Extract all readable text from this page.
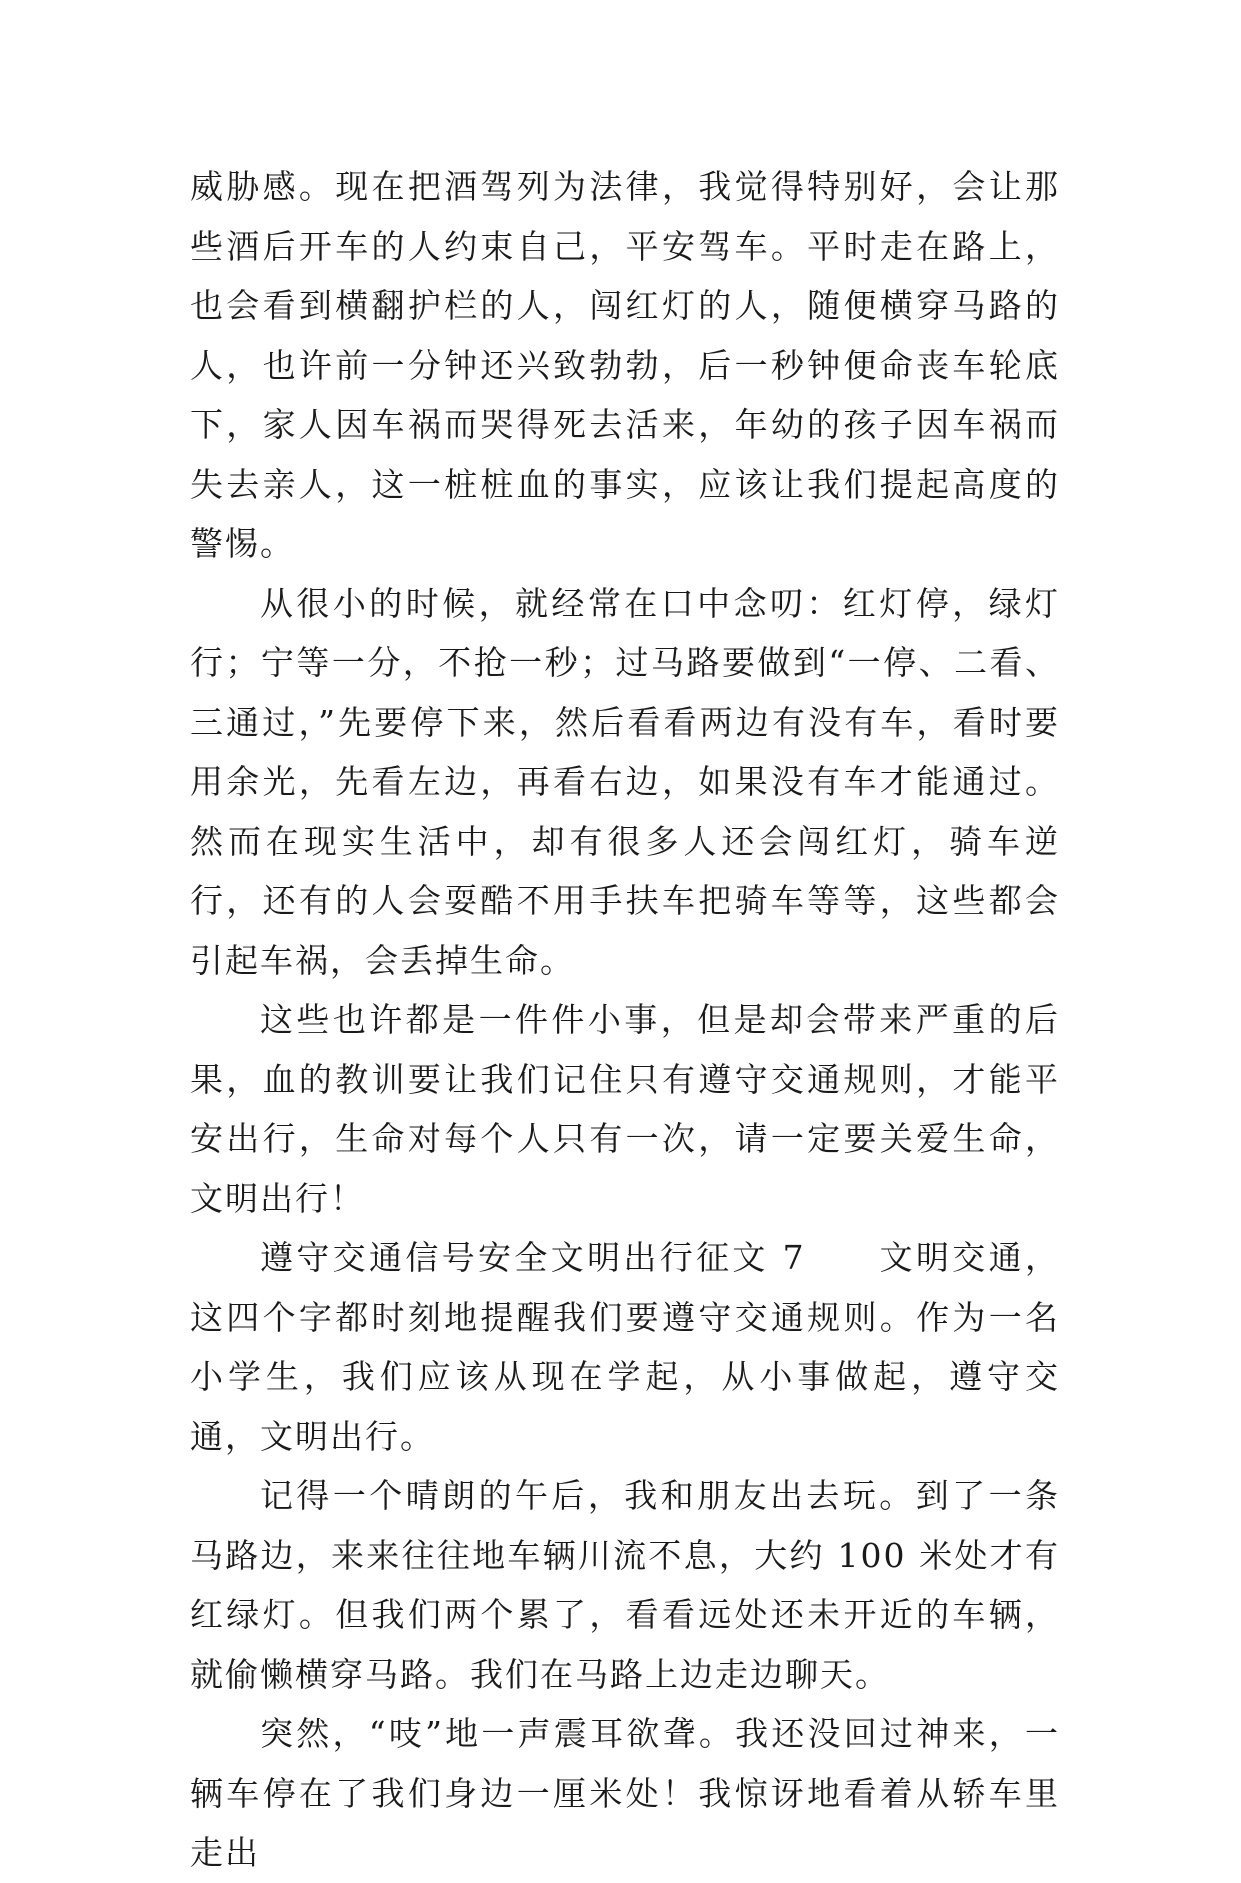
威胁感。现在把酒驾列为法律，我觉得特别好，会让那些酒后开车的人约束自己，平安驾车。平时走在路上，也会看到横翻护栏的人，闯红灯的人，随便横穿马路的人，也许前一分钟还兴致勃勃，后一秒钟便命丧车轮底下，家人因车祸而哭得死去活来，年幼的孩子因车祸而失去亲人，这一桩桩血的事实，应该让我们提起高度的警惕。

从很小的时候，就经常在口中念叨：红灯停，绿灯行；宁等一分，不抢一秒；过马路要做到“一停、二看、三通过，”先要停下来，然后看看两边有没有车，看时要用余光，先看左边，再看右边，如果没有车才能通过。然而在现实生活中，却有很多人还会闯红灯，骑车逆行，还有的人会耍酷不用手扶车把骑车等等，这些都会引起车祸，会丢掉生命。

这些也许都是一件件小事，但是却会带来严重的后果，血的教训要让我们记住只有遵守交通规则，才能平安出行，生命对每个人只有一次，请一定要关爱生命，文明出行！

遵守交通信号安全文明出行征文 7　　文明交通，这四个字都时刻地提醒我们要遵守交通规则。作为一名小学生，我们应该从现在学起，从小事做起，遵守交通，文明出行。

记得一个晴朗的午后，我和朋友出去玩。到了一条马路边，来来往往地车辆川流不息，大约 100 米处才有红绿灯。但我们两个累了，看看远处还未开近的车辆，就偷懒横穿马路。我们在马路上边走边聊天。

突然，“吱”地一声震耳欲聋。我还没回过神来，一辆车停在了我们身边一厘米处！我惊讶地看着从轿车里走出
